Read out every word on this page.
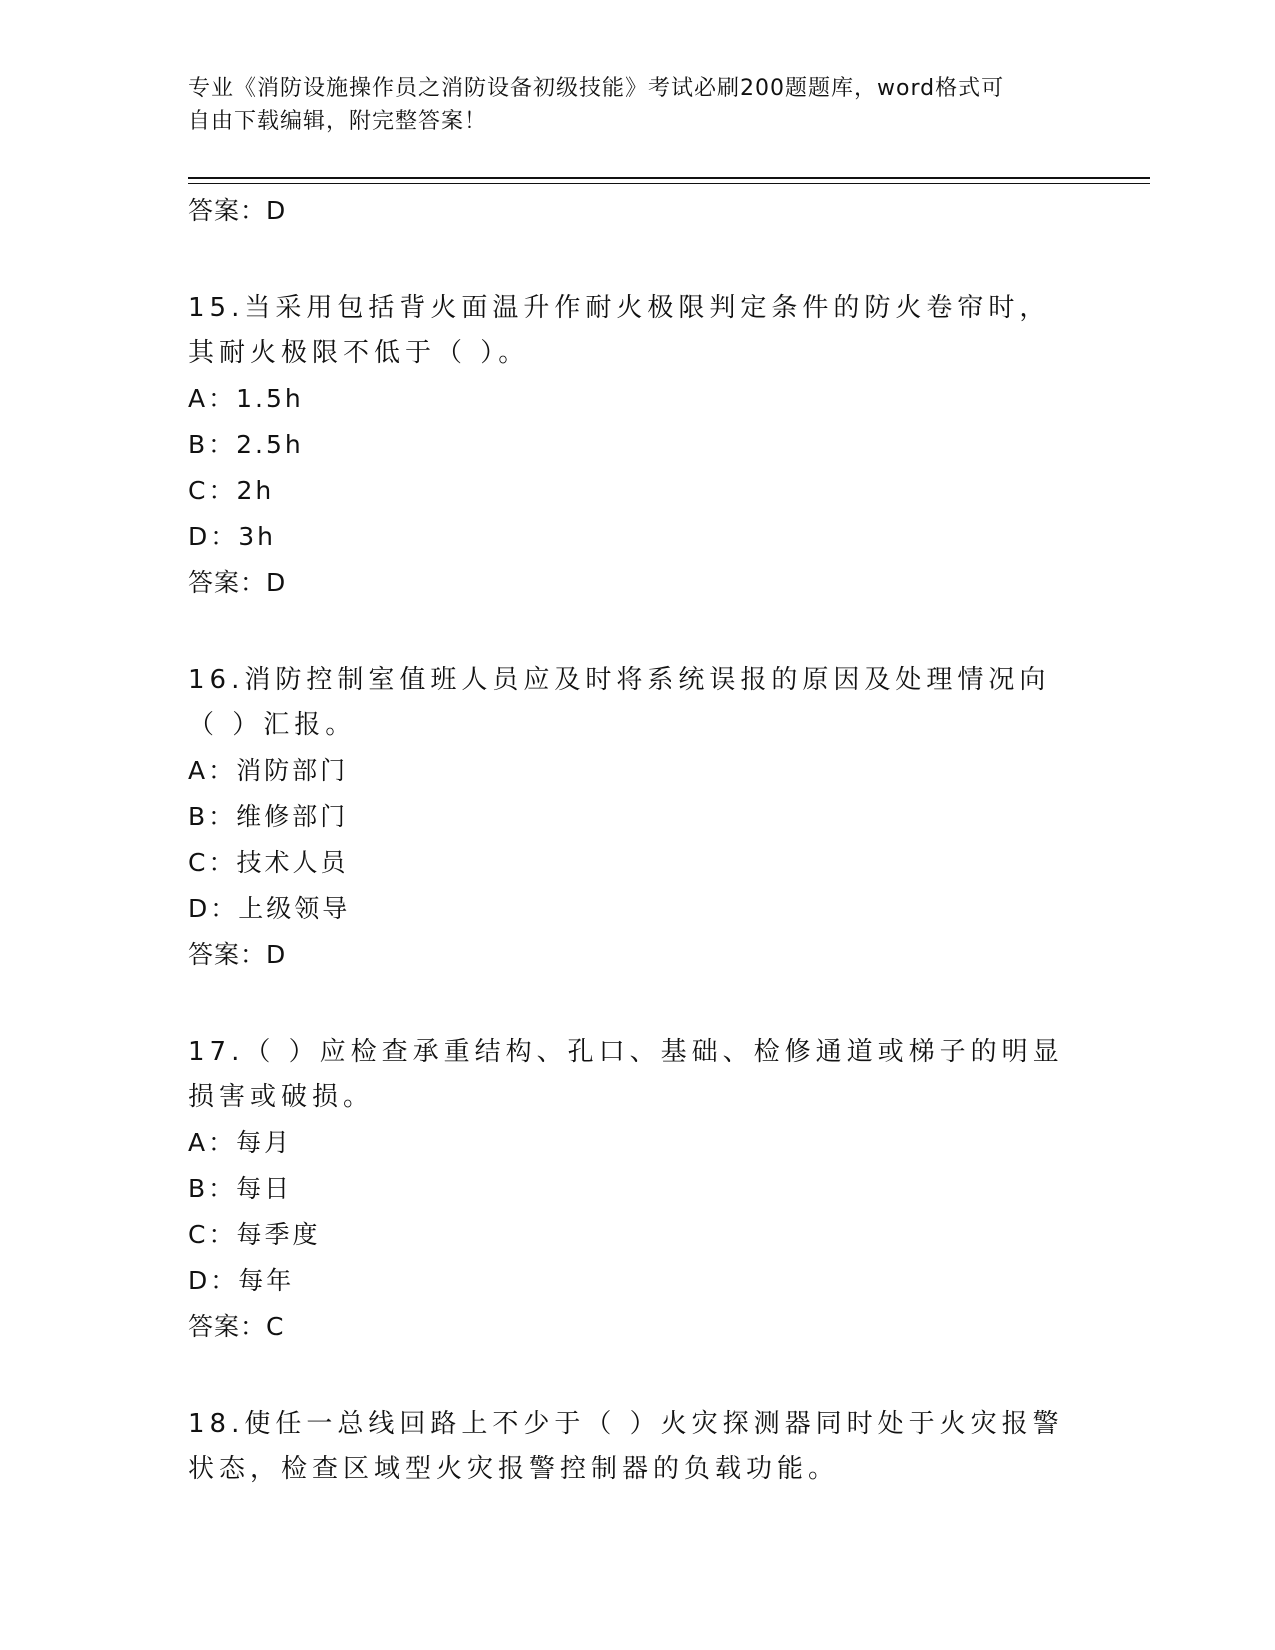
专业《消防设施操作员之消防设备初级技能》考试必刷200题题库，word格式可
自由下载编辑，附完整答案！
答案：D
15.当采用包括背火面温升作耐火极限判定条件的防火卷帘时，其耐火极限不低于（ ）。
A：1.5h
B：2.5h
C：2h
D：3h
答案：D
16.消防控制室值班人员应及时将系统误报的原因及处理情况向（ ）汇报。
A：消防部门
B：维修部门
C：技术人员
D：上级领导
答案：D
17.（ ）应检查承重结构、孔口、基础、检修通道或梯子的明显损害或破损。
A：每月
B：每日
C：每季度
D：每年
答案：C
18.使任一总线回路上不少于（ ）火灾探测器同时处于火灾报警状态，检查区域型火灾报警控制器的负载功能。
